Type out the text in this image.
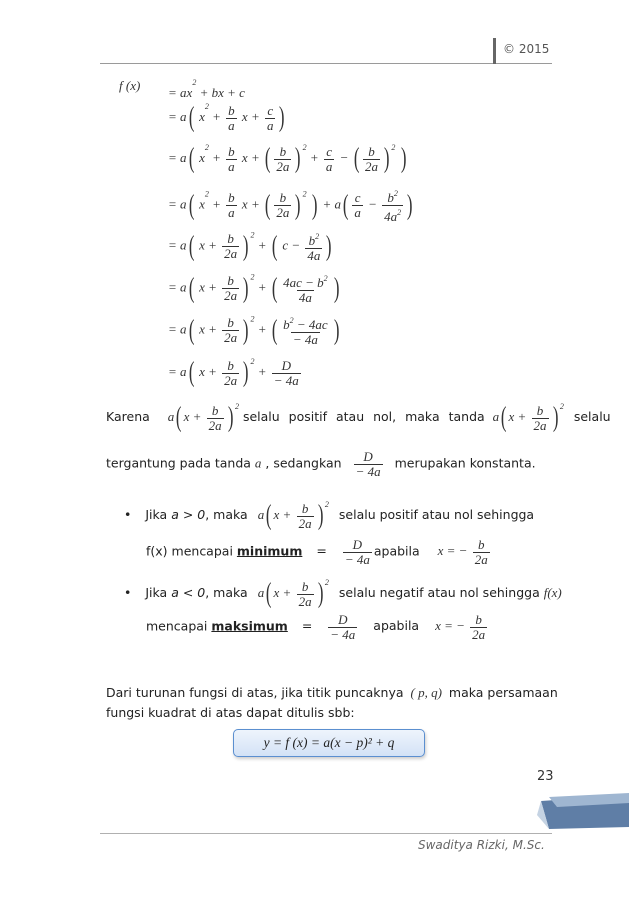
© 2015
f $(x) = ax^2$ + bx + c
= a( $x^2 + \frac{b}{a}$ $x + \frac{c}{a}$ )
= a( $x^2 + \frac{b}{a}$ x + ( $\frac{b}{2a}$ ) $^2 + \frac{c}{a}$ − ( $\frac{b}{2a}$ ) $^2$ )
= a( $x^2 + \frac{b}{a}$ x + ( $\frac{b}{2a}$ ) $^2$ ) + $a( \frac{c}{a} - \frac{b^2}{4a^2}$ )
= a( $x + \frac{b}{2a}$ ) $^2$ + ( $c - \frac{b^2}{4a}$ )
= a( $x + \frac{b}{2a}$ ) $^2$ + ( $\frac{4ac - b^2}{4a}$ )
= a( $x + \frac{b}{2a}$ ) $^2$ + ( $\frac{b^2 - 4ac}{- 4a}$ )
= a( $x + \frac{b}{2a}$ ) $^2 + \frac{D}{- 4a}$
Karena a( $x + \frac{b}{2a}$ ) $^2$ selalu positif atau nol, maka tanda a( $x + \frac{b}{2a}$ ) $^2$ selalu
tergantung pada tanda a , sedangkan $\frac{D}{- 4a}$ merupakan konstanta.
• Jika a > 0, maka a( $x + \frac{b}{2a}$ ) $^2$ selalu positif atau nol sehingga
f(x) mencapai minimum = $\frac{D}{- 4a}$ apabila x = − $\frac{b}{2a}$
• Jika a < 0, maka a( $x + \frac{b}{2a}$ ) $^2$ selalu negatif atau nol sehingga f(x)
mencapai maksimum = $\frac{D}{- 4a}$ apabila x = − $\frac{b}{2a}$
Dari turunan fungsi di atas, jika titik puncaknya ( p, q) maka persamaan
fungsi kuadrat di atas dapat ditulis sbb:
y = f (x) = a(x − p)² + q
23
Swaditya Rizki, M.Sc.
